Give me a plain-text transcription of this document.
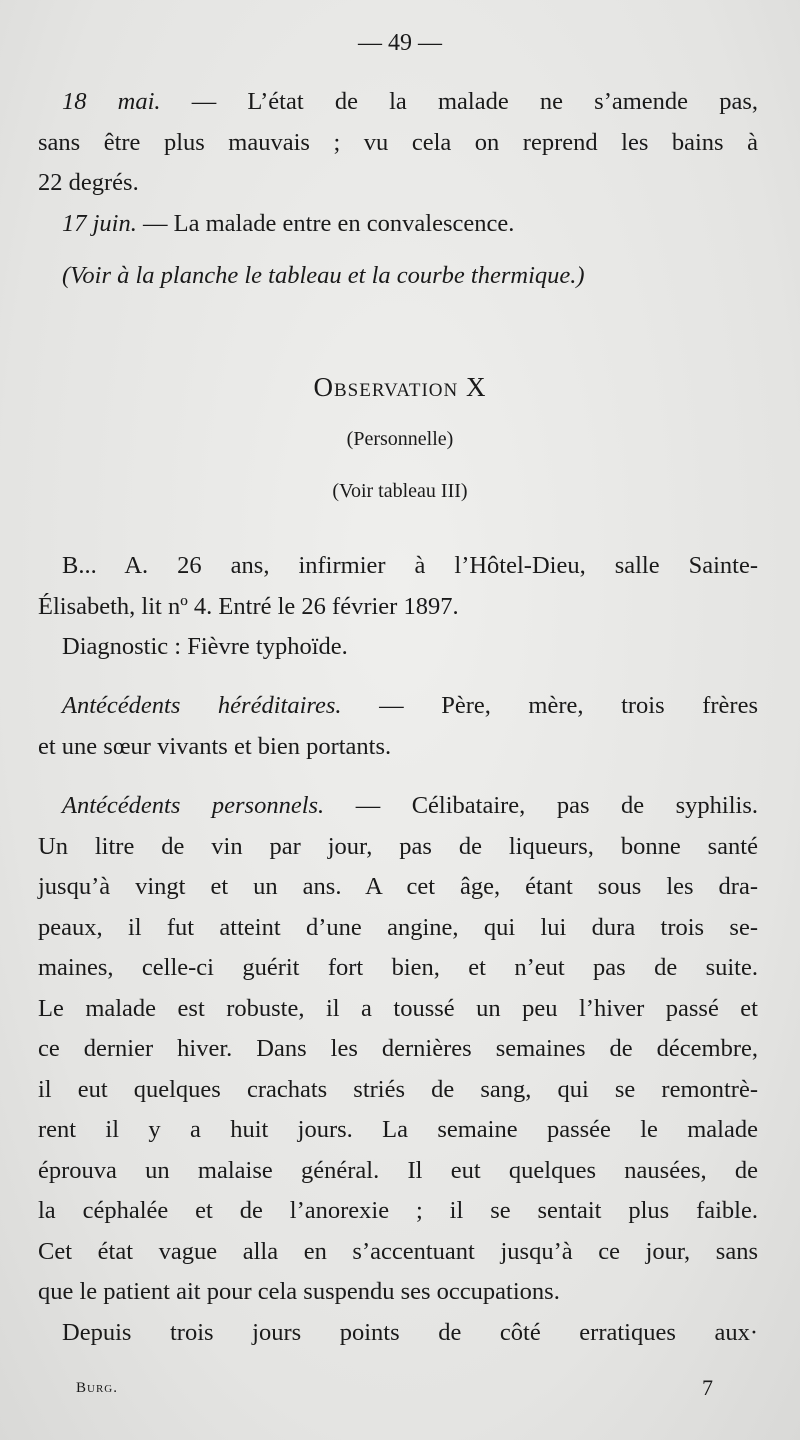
— 49 —
18 mai. — L’état de la malade ne s’amende pas,
sans être plus mauvais ; vu cela on reprend les bains à
22 degrés.
17 juin. — La malade entre en convalescence.
(Voir à la planche le tableau et la courbe thermique.)
Observation X
(Personnelle)
(Voir tableau III)
B... A. 26 ans, infirmier à l’Hôtel-Dieu, salle Sainte-
Élisabeth, lit nº 4. Entré le 26 février 1897.
Diagnostic : Fièvre typhoïde.
Antécédents héréditaires. — Père, mère, trois frères
et une sœur vivants et bien portants.
Antécédents personnels. — Célibataire, pas de syphilis.
Un litre de vin par jour, pas de liqueurs, bonne santé
jusqu’à vingt et un ans. A cet âge, étant sous les dra-
peaux, il fut atteint d’une angine, qui lui dura trois se-
maines, celle-ci guérit fort bien, et n’eut pas de suite.
Le malade est robuste, il a toussé un peu l’hiver passé et
ce dernier hiver. Dans les dernières semaines de décembre,
il eut quelques crachats striés de sang, qui se remontrè-
rent il y a huit jours. La semaine passée le malade
éprouva un malaise général. Il eut quelques nausées, de
la céphalée et de l’anorexie ; il se sentait plus faible.
Cet état vague alla en s’accentuant jusqu’à ce jour, sans
que le patient ait pour cela suspendu ses occupations.
Depuis trois jours points de côté erratiques aux·
Burg.	7
